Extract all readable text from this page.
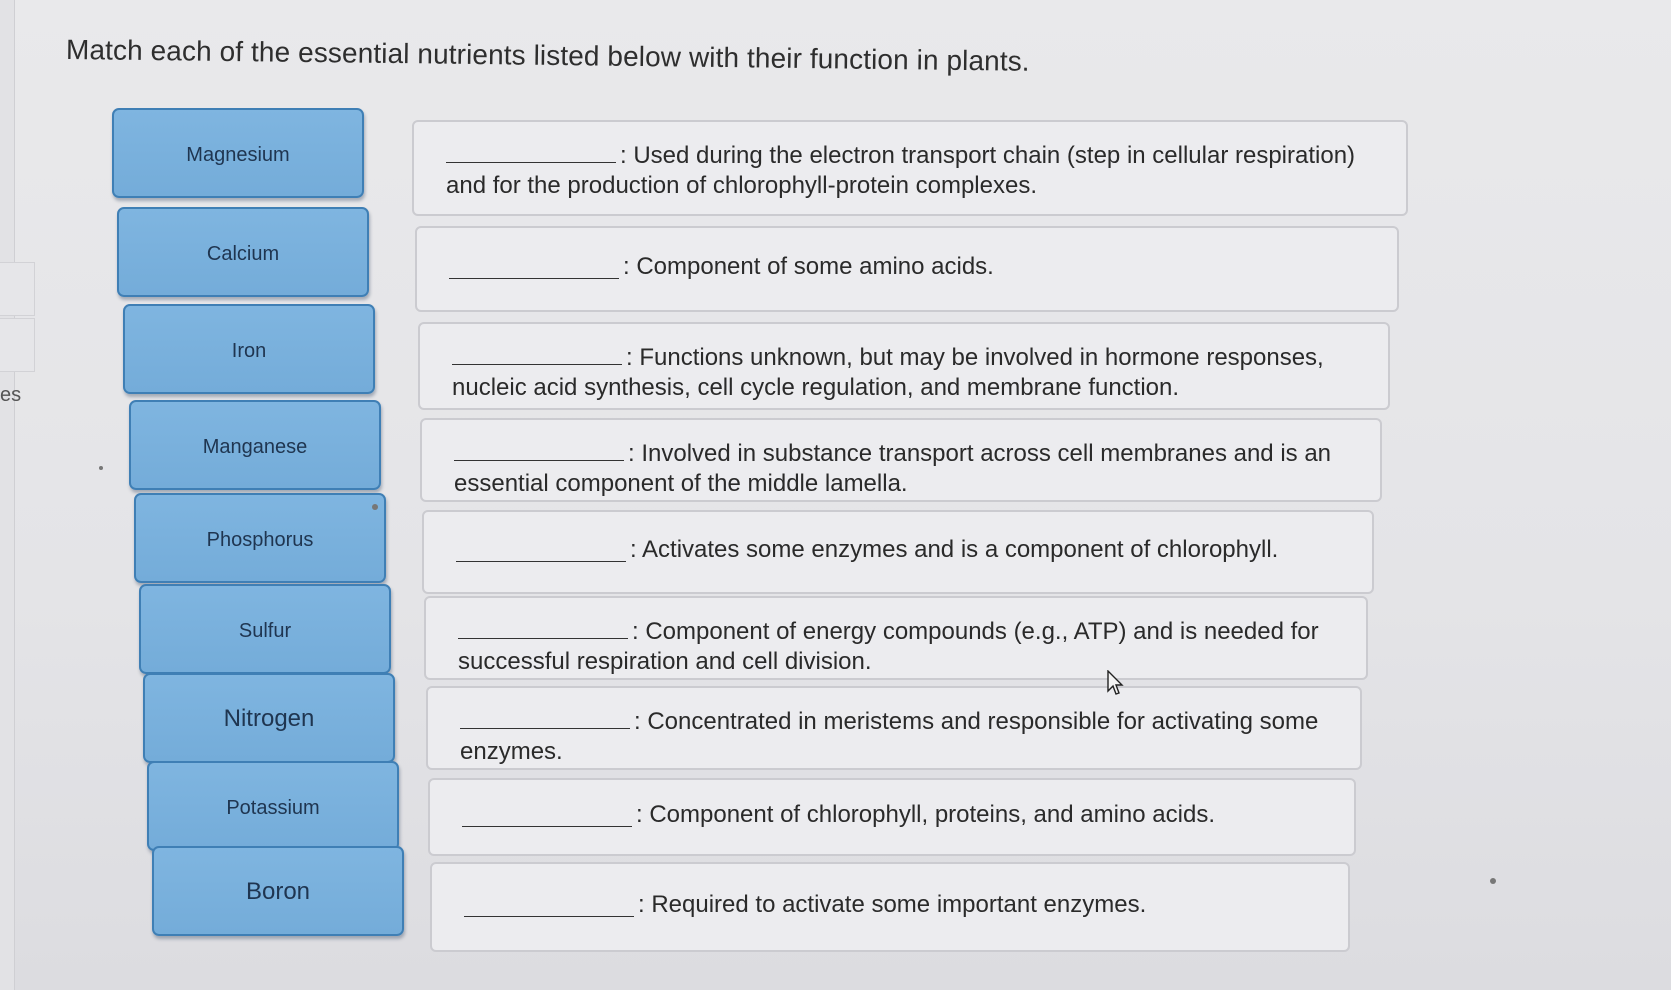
es
Match each of the essential nutrients listed below with their function in plants.
Magnesium
Calcium
Iron
Manganese
Phosphorus
Sulfur
Nitrogen
Potassium
Boron
: Used during the electron transport chain (step in cellular respiration) and for the production of chlorophyll-protein complexes.
: Component of some amino acids.
: Functions unknown, but may be involved in hormone responses, nucleic acid synthesis, cell cycle regulation, and membrane function.
: Involved in substance transport across cell membranes and is an essential component of the middle lamella.
: Activates some enzymes and is a component of chlorophyll.
: Component of energy compounds (e.g., ATP) and is needed for successful respiration and cell division.
: Concentrated in meristems and responsible for activating some enzymes.
: Component of chlorophyll, proteins, and amino acids.
: Required to activate some important enzymes.
